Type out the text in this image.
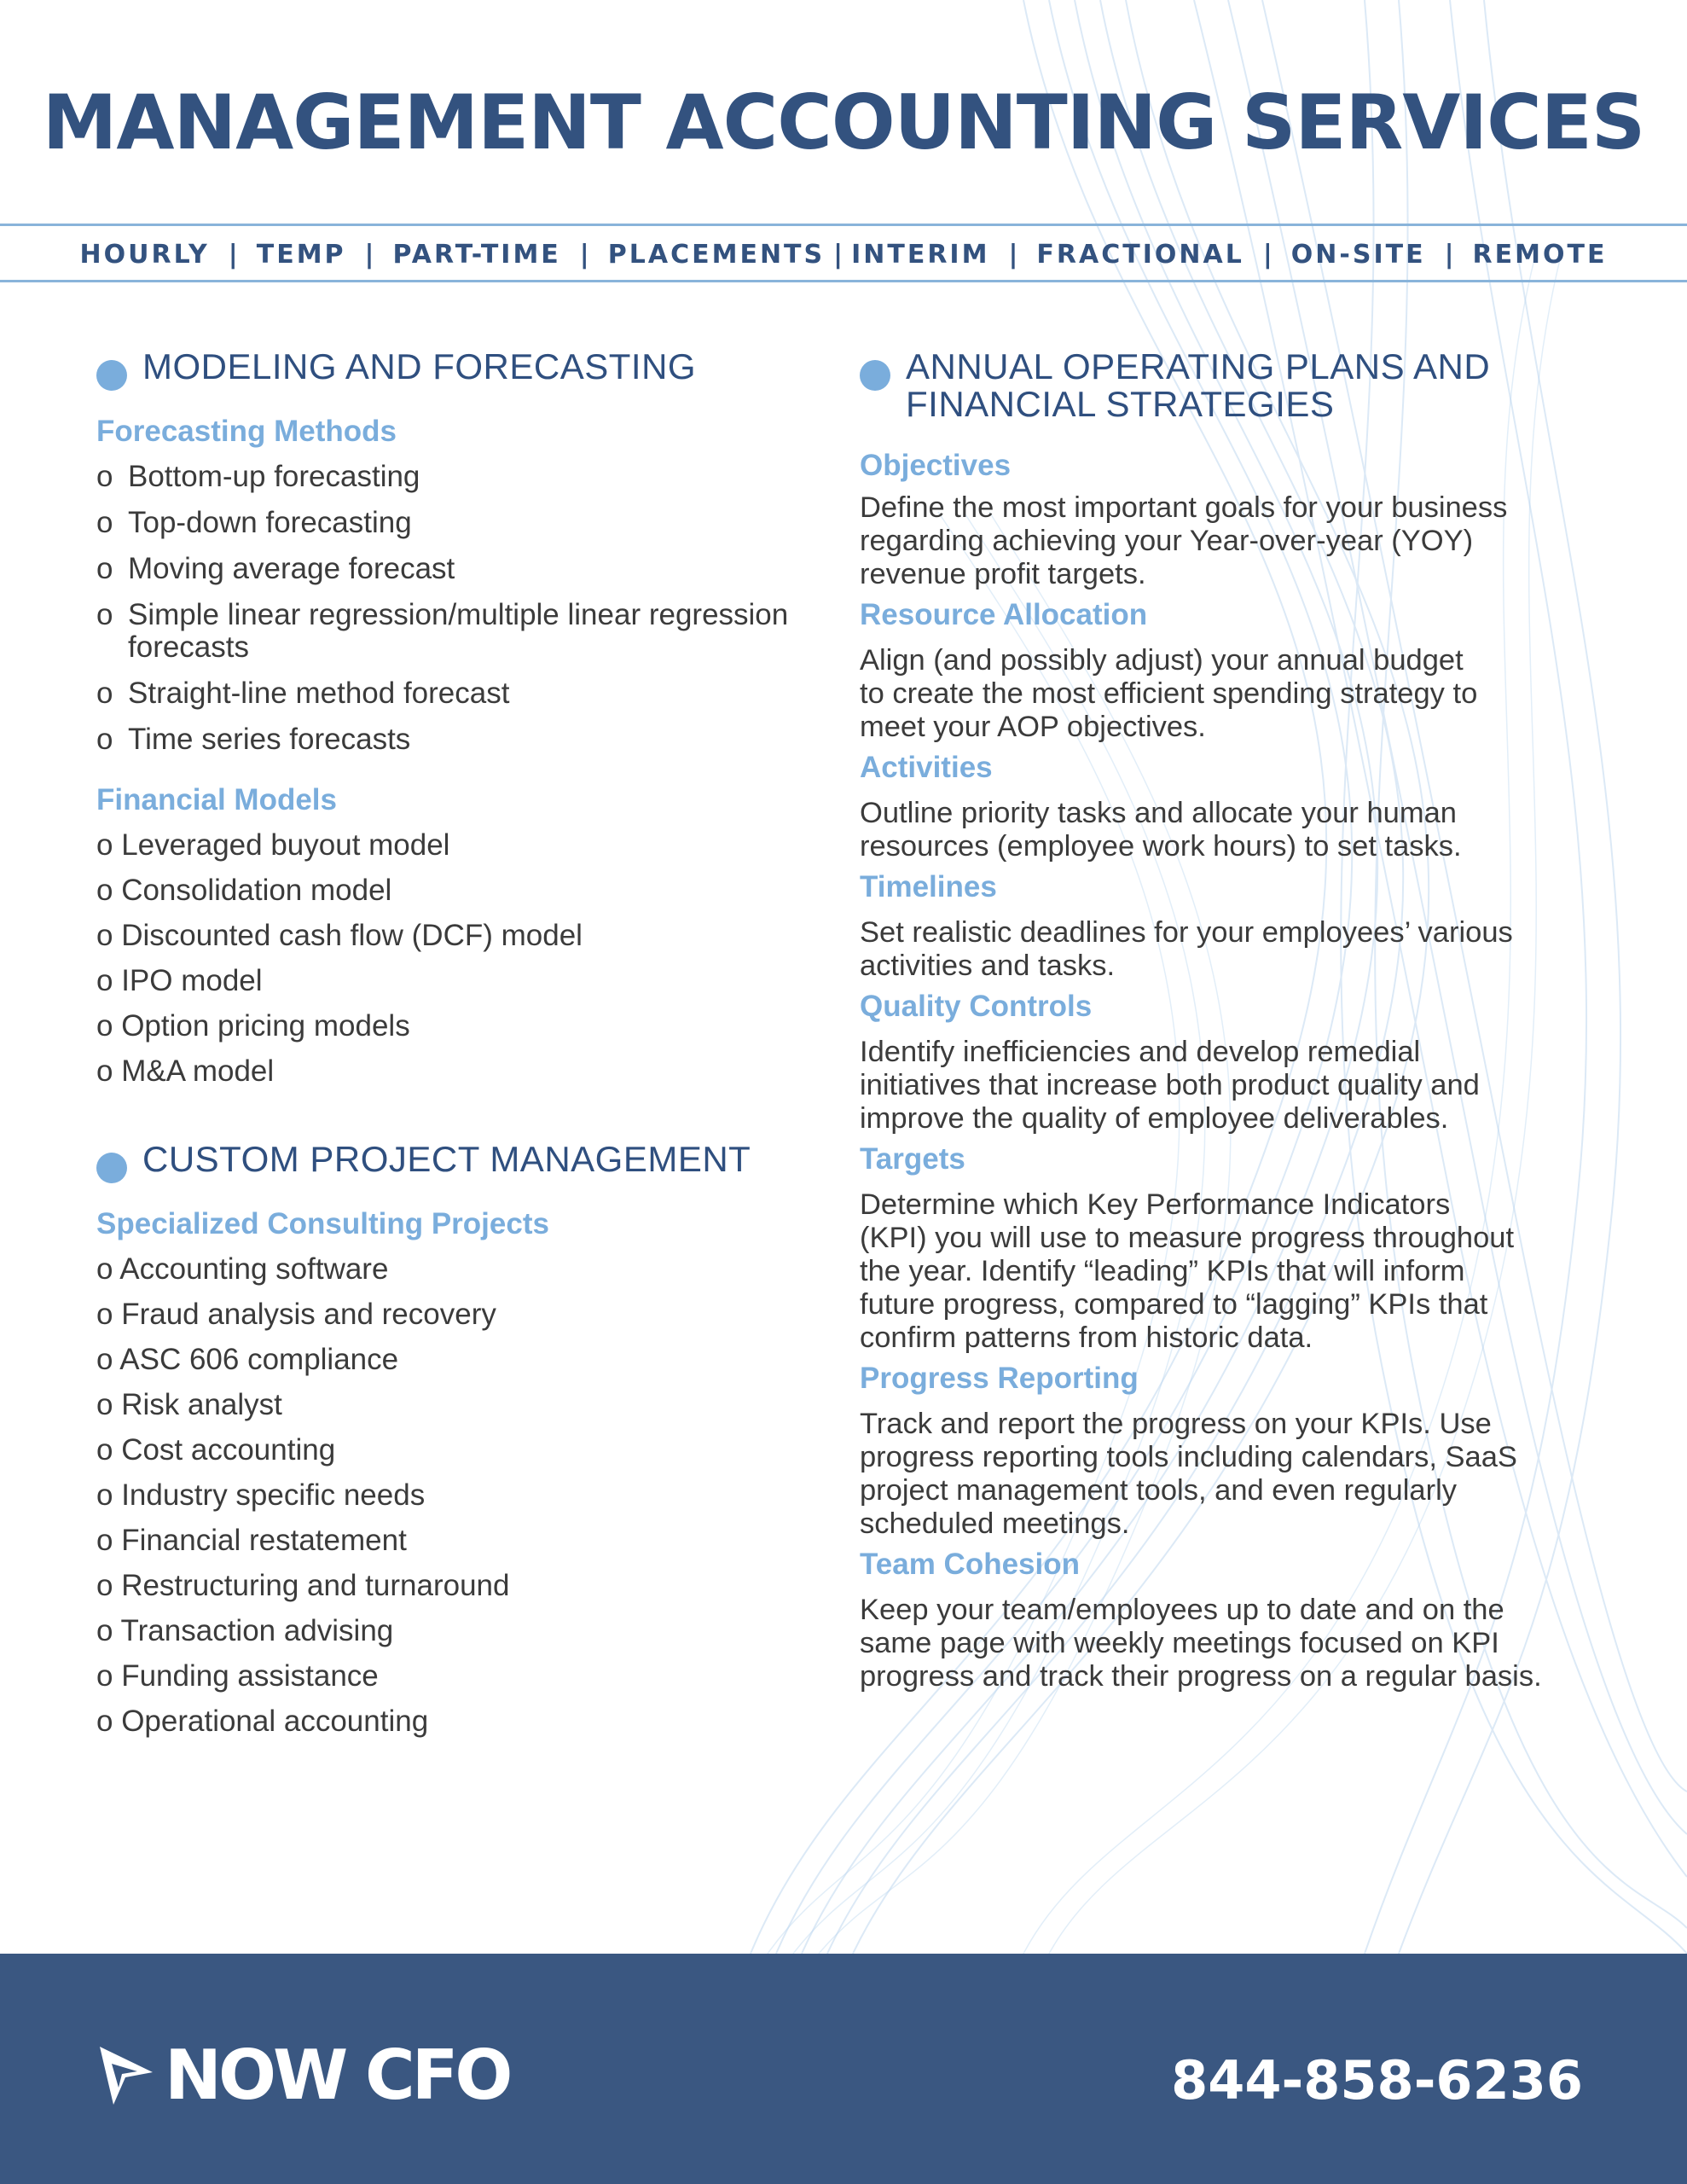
MANAGEMENT ACCOUNTING SERVICES
HOURLY | TEMP | PART-TIME | PLACEMENTS | INTERIM | FRACTIONAL | ON-SITE | REMOTE
MODELING AND FORECASTING
Forecasting Methods
o Bottom-up forecasting
o Top-down forecasting
o Moving average forecast
o Simple linear regression/multiple linear regression forecasts
o Straight-line method forecast
o Time series forecasts
Financial Models
o Leveraged buyout model
o Consolidation model
o Discounted cash flow (DCF) model
o IPO model
o Option pricing models
o M&A model
CUSTOM PROJECT MANAGEMENT
Specialized Consulting Projects
o Accounting software
o Fraud analysis and recovery
o ASC 606 compliance
o Risk analyst
o Cost accounting
o Industry specific needs
o Financial restatement
o Restructuring and turnaround
o Transaction advising
o Funding assistance
o Operational accounting
ANNUAL OPERATING PLANS AND
FINANCIAL STRATEGIES
Objectives

Define the most important goals for your business
regarding achieving your Year-over-year (YOY)
revenue profit targets.

Resource Allocation

Align (and possibly adjust) your annual budget
to create the most efficient spending strategy to
meet your AOP objectives.

Activities

Outline priority tasks and allocate your human
resources (employee work hours) to set tasks.

Timelines

Set realistic deadlines for your employees’ various
activities and tasks.

Quality Controls

Identify inefficiencies and develop remedial
initiatives that increase both product quality and
improve the quality of employee deliverables.

Targets

Determine which Key Performance Indicators
(KPI) you will use to measure progress throughout
the year. Identify “leading” KPIs that will inform
future progress, compared to “lagging” KPIs that
confirm patterns from historic data.

Progress Reporting

Track and report the progress on your KPIs. Use
progress reporting tools including calendars, SaaS
project management tools, and even regularly
scheduled meetings.

Team Cohesion

Keep your team/employees up to date and on the
same page with weekly meetings focused on KPI
progress and track their progress on a regular basis.

NOW CFO	844-858-6236
